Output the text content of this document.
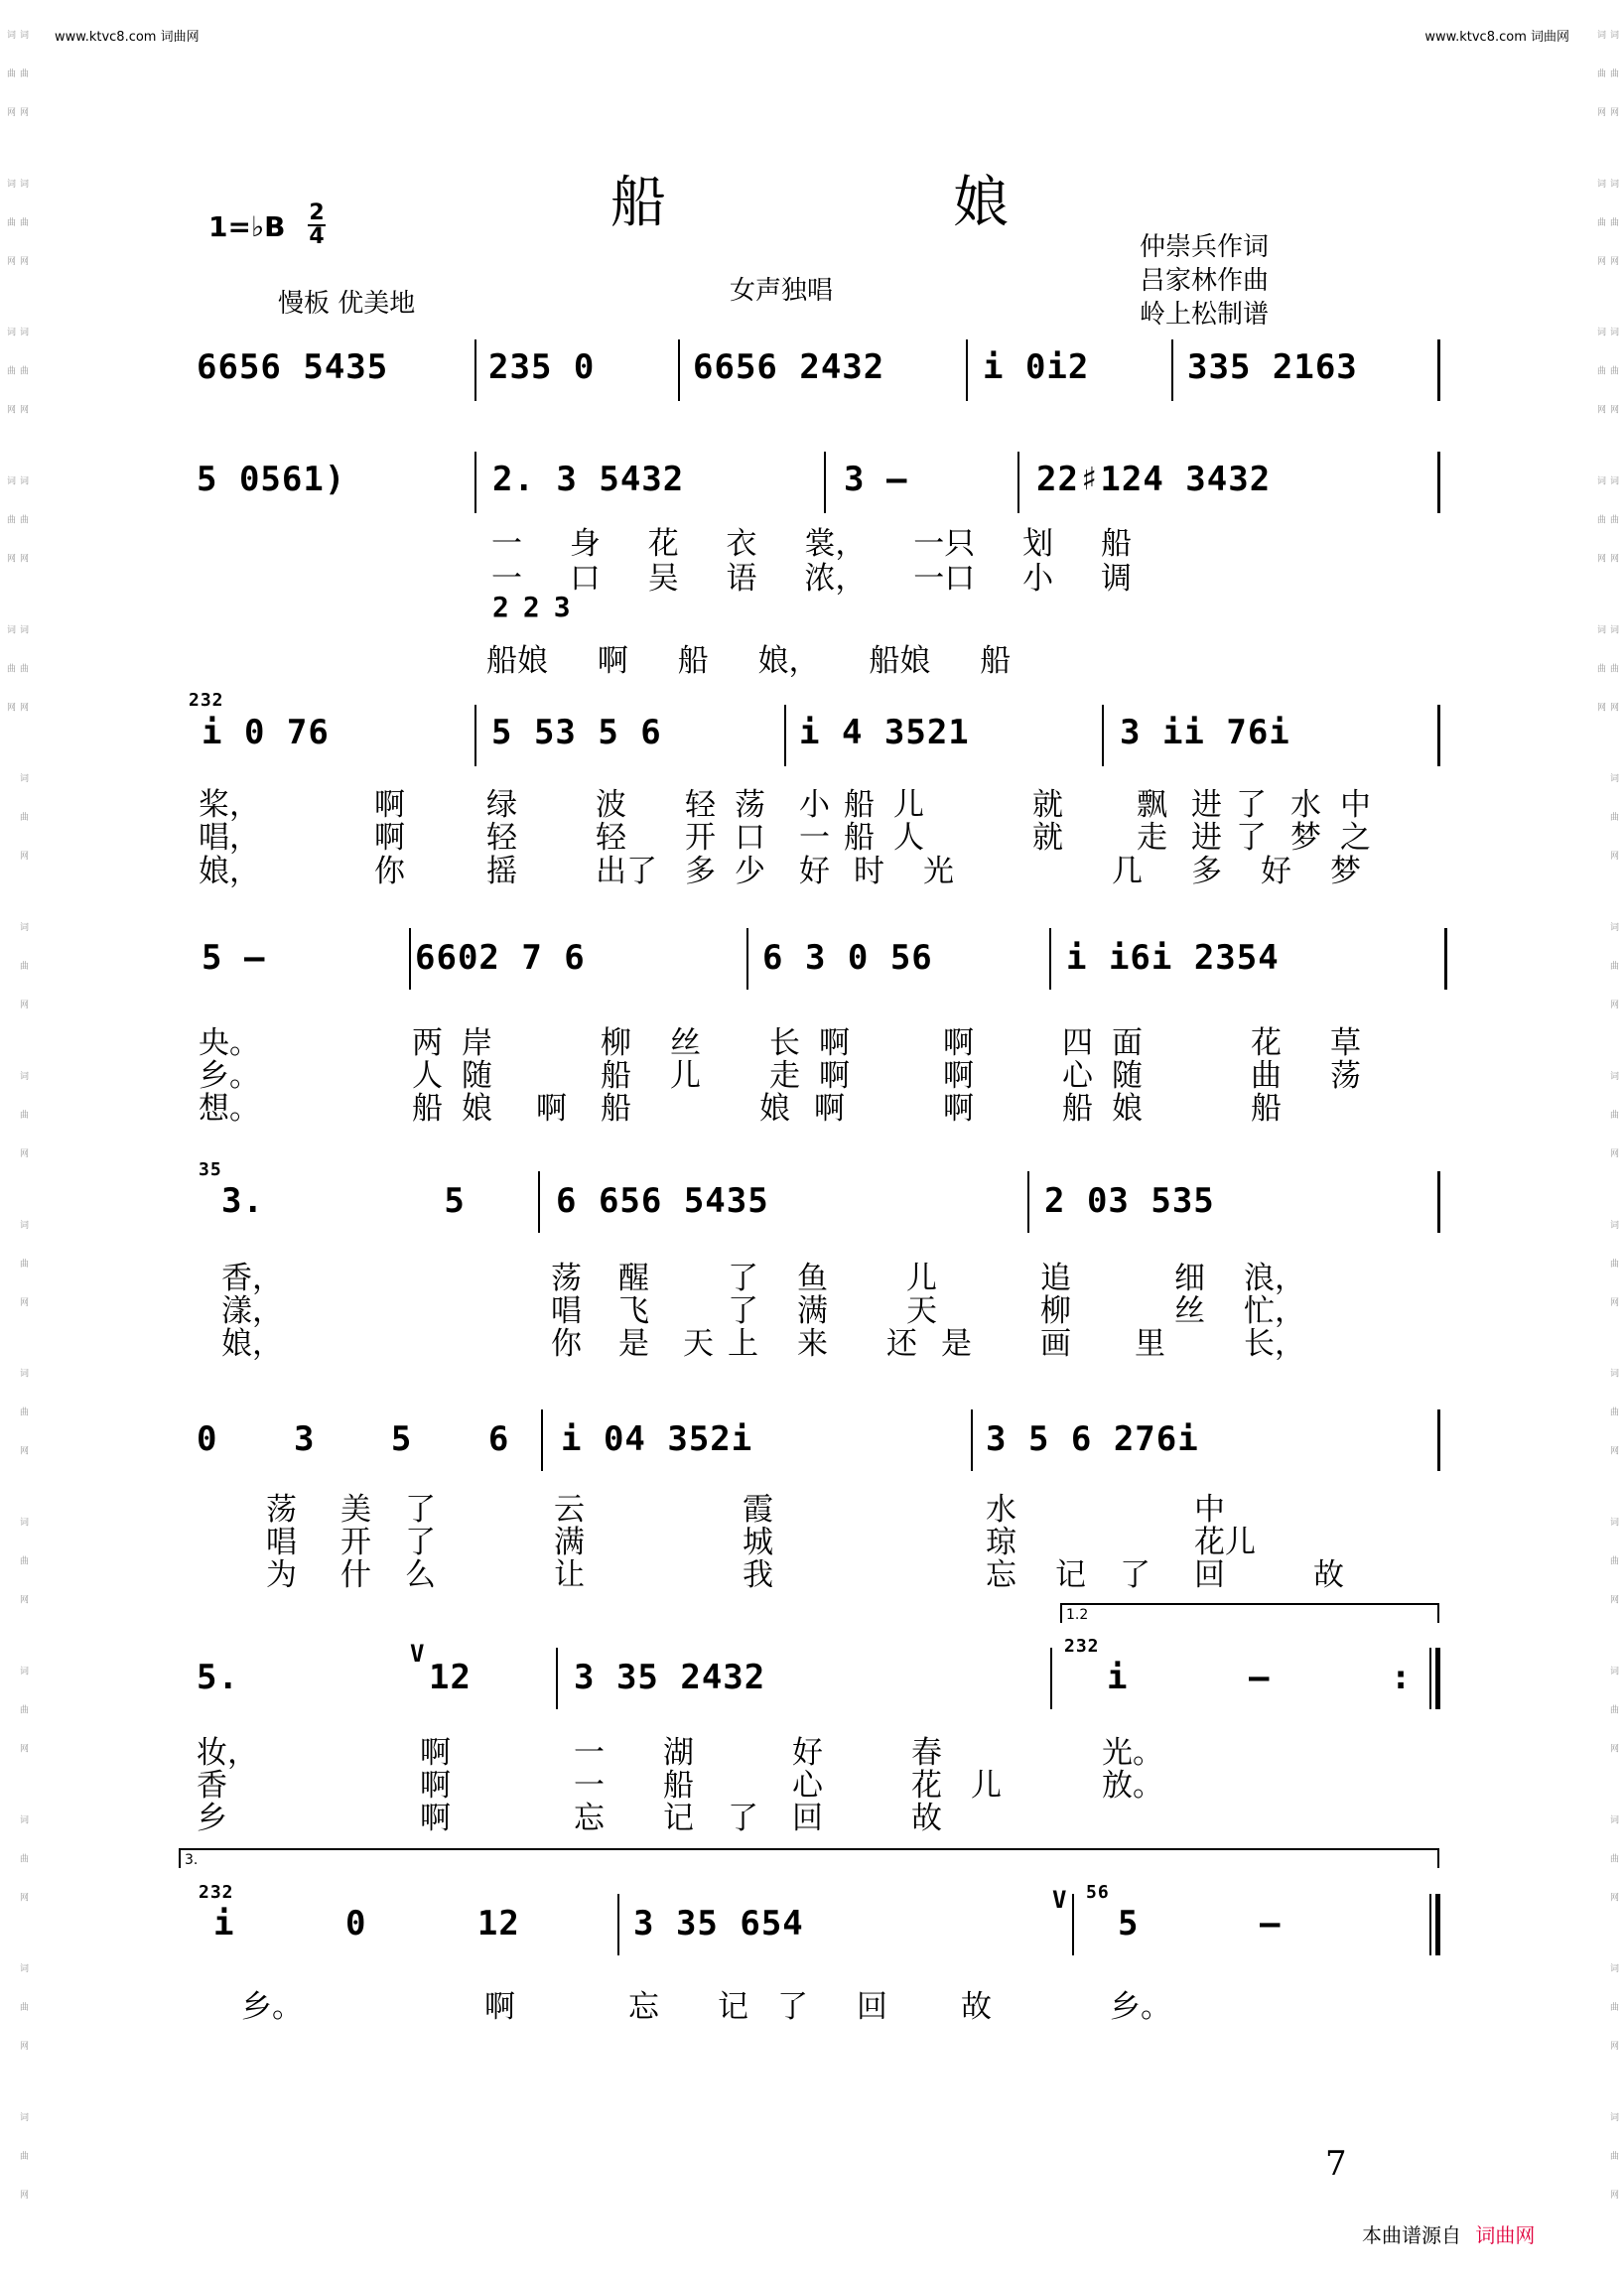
词曲网 词曲网 词曲网 词曲网 词曲网 词曲网 词曲网 词曲网 词曲网 词曲网 词曲网 词曲网 词曲网 词曲网 词曲网 词曲网 词曲网 词曲网 词曲网 词曲网	词曲网 词曲网 词曲网 词曲网 词曲网 词曲网 词曲网 词曲网 词曲网 词曲网 词曲网 词曲网 词曲网 词曲网 词曲网 词曲网 词曲网 词曲网 词曲网 词曲网
www.ktvc8.com 词曲网	www.ktvc8.com 词曲网
船	娘
1=♭B 2
4
慢板 优美地	女声独唱
仲崇兵作词
吕家林作曲
岭上松制谱
6656 5435	235 0	6656 2432	i 0i2	335 2163
5 0561)	2. 3 5432	3 –	22♯124 3432
一 身 花 衣 裳， 一只 划 船
一 口 吴 语 浓， 一口 小 调
223
船娘 啊 船 娘， 船娘 船
232
i 0 76	5 53 5 6	i 4 3521	3 ii 76i
桨，	啊	绿	波 轻 荡 小 船 儿	就 飘 进 了 水 中
唱，	啊	轻	轻 开 口 一 船 人	就 走 进 了 梦 之
娘，	你	摇	出了 多 少 好 时 光	几 多 好 梦
5 –	6602 7 6	6 3 0 56	i i6i 2354
央。	两 岸	柳 丝 长 啊	啊	四 面	花 草
乡。	人 随	船 儿 走 啊	啊	心 随	曲 荡
想。	船 娘 啊 船	娘 啊	啊	船 娘	船
35
3. 5	6 656 5435	2 03 535
香，	荡 醒	了 鱼	儿	追	细 浪，
漾，	唱 飞	了 满	天	柳	丝 忙，
娘，	你 是 天 上 来 还 是 画 里	长，
0 3 5 6 i 04 352i	3 5 6 276i
荡 美 了	云	霞	水	中
唱 开 了	满	城	琼	花儿
为 什 么	让	我	忘 记 了 回	故
1.2
5.
V
12	3 35 2432
232
i – :
妆，	啊	一 湖	好	春	光。
香	啊	一 船	心	花 儿	放。
乡	啊	忘 记 了 回	故
3.
232
i 0 12	3 35 654
V 56
5 –
乡。	啊	忘 记 了 回 故	乡。
7
本曲谱源自 词曲网
